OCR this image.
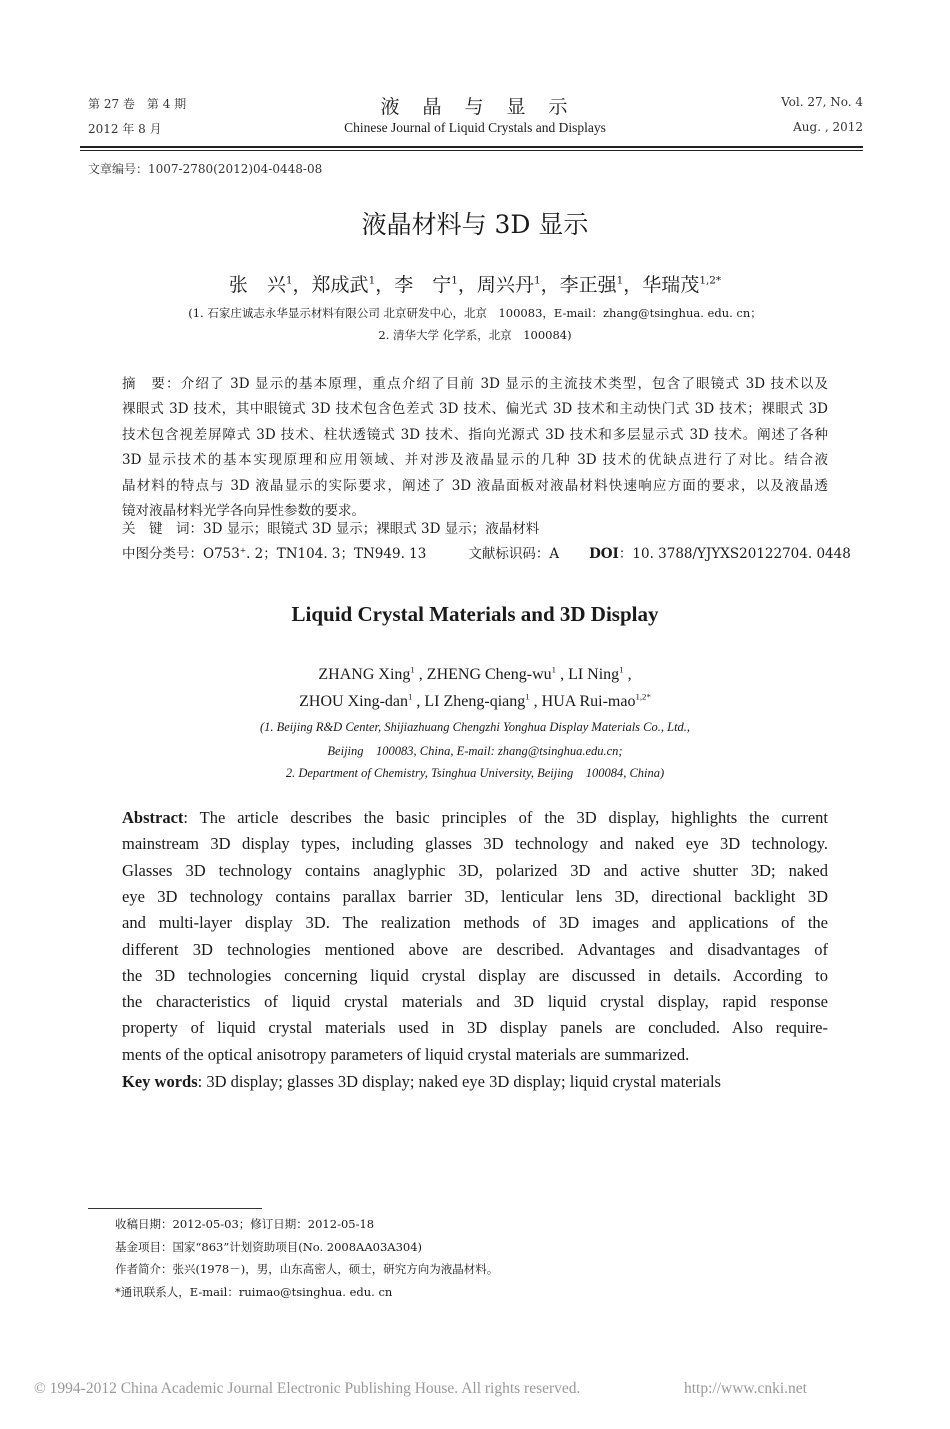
第 27 卷　第 4 期
2012 年 8 月
液　晶　与　显　示
Chinese Journal of Liquid Crystals and Displays
Vol. 27, No. 4
Aug. , 2012
文章编号：1007-2780(2012)04-0448-08
液晶材料与 3D 显示
张　兴$^1$，郑成武$^1$，李　宁$^1$，周兴丹$^1$，李正强$^1$，华瑞茂$^{1,2*}$
(1. 石家庄诚志永华显示材料有限公司 北京研发中心，北京　100083，E-mail：zhang@tsinghua. edu. cn；
2. 清华大学 化学系，北京　100084)
摘　要：介绍了 3D 显示的基本原理，重点介绍了目前 3D 显示的主流技术类型，包含了眼镜式 3D 技术以及
裸眼式 3D 技术，其中眼镜式 3D 技术包含色差式 3D 技术、偏光式 3D 技术和主动快门式 3D 技术；裸眼式 3D
技术包含视差屏障式 3D 技术、柱状透镜式 3D 技术、指向光源式 3D 技术和多层显示式 3D 技术。阐述了各种
3D 显示技术的基本实现原理和应用领域、并对涉及液晶显示的几种 3D 技术的优缺点进行了对比。结合液
晶材料的特点与 3D 液晶显示的实际要求，阐述了 3D 液晶面板对液晶材料快速响应方面的要求，以及液晶透
镜对液晶材料光学各向异性参数的要求。
关　键　词：3D 显示；眼镜式 3D 显示；裸眼式 3D 显示；液晶材料
中图分类号：O753+. 2；TN104. 3；TN949. 13	文献标识码：A DOI：10. 3788/YJYXS20122704. 0448
Liquid Crystal Materials and 3D Display
ZHANG Xing$^1$ , ZHENG Cheng-$wu^1$ , LI Ning$^1$ ,
ZHOU Xing-dan$^1$ , LI Zheng-qiang$^1$ , HUA Rui-mao$^{1,2*}$
(1. Beijing R&D Center, Shijiazhuang Chengzhi Yonghua Display Materials Co., Ltd.,
Beijing　100083, China, E-mail: zhang@tsinghua.edu.cn;
2. Department of Chemistry, Tsinghua University, Beijing　100084, China)
Abstract: The article describes the basic principles of the 3D display, highlights the current
mainstream 3D display types, including glasses 3D technology and naked eye 3D technology.
Glasses 3D technology contains anaglyphic 3D, polarized 3D and active shutter 3D; naked
eye 3D technology contains parallax barrier 3D, lenticular lens 3D, directional backlight 3D
and multi-layer display 3D. The realization methods of 3D images and applications of the
different 3D technologies mentioned above are described. Advantages and disadvantages of
the 3D technologies concerning liquid crystal display are discussed in details. According to
the characteristics of liquid crystal materials and 3D liquid crystal display, rapid response
property of liquid crystal materials used in 3D display panels are concluded. Also require-
ments of the optical anisotropy parameters of liquid crystal materials are summarized.
Key words: 3D display; glasses 3D display; naked eye 3D display; liquid crystal materials
收稿日期：2012-05-03；修订日期：2012-05-18
基金项目：国家“863”计划资助项目(No. 2008AA03A304)
作者简介：张兴(1978－)，男，山东高密人，硕士，研究方向为液晶材料。
*通讯联系人，E-mail：ruimao@tsinghua. edu. cn
© 1994-2012 China Academic Journal Electronic Publishing House. All rights reserved.	http://www.cnki.net
